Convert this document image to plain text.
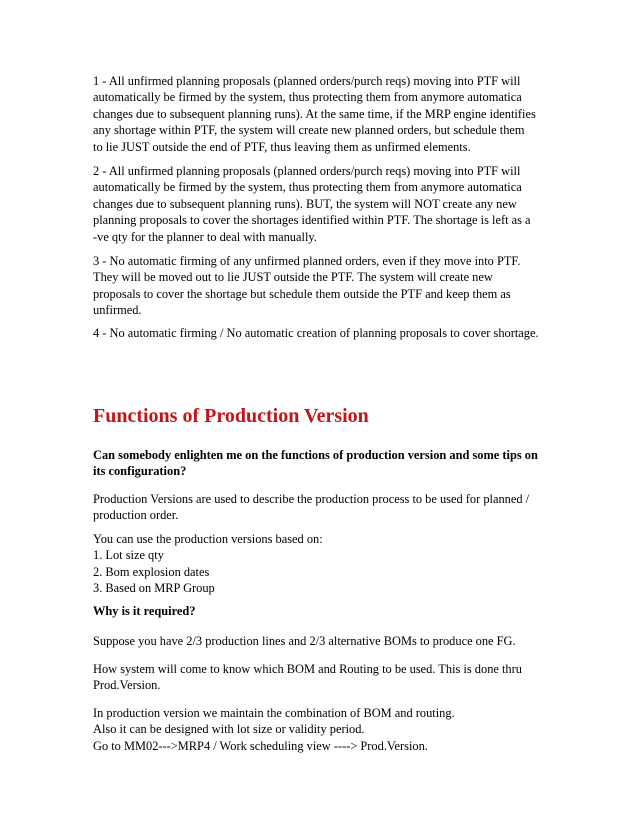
1 - All unfirmed planning proposals (planned orders/purch reqs) moving into PTF will
automatically be firmed by the system, thus protecting them from anymore automatica
changes due to subsequent planning runs). At the same time, if the MRP engine identifies
any shortage within PTF, the system will create new planned orders, but schedule them
to lie JUST outside the end of PTF, thus leaving them as unfirmed elements.

2 - All unfirmed planning proposals (planned orders/purch reqs) moving into PTF will
automatically be firmed by the system, thus protecting them from anymore automatica
changes due to subsequent planning runs). BUT, the system will NOT create any new
planning proposals to cover the shortages identified within PTF. The shortage is left as a
-ve qty for the planner to deal with manually.

3 - No automatic firming of any unfirmed planned orders, even if they move into PTF.
They will be moved out to lie JUST outside the PTF. The system will create new
proposals to cover the shortage but schedule them outside the PTF and keep them as
unfirmed.

4 - No automatic firming / No automatic creation of planning proposals to cover shortage.

Functions of Production Version

Can somebody enlighten me on the functions of production version and some tips on
its configuration?

Production Versions are used to describe the production process to be used for planned /
production order.

You can use the production versions based on:
1. Lot size qty
2. Bom explosion dates
3. Based on MRP Group

Why is it required?

Suppose you have 2/3 production lines and 2/3 alternative BOMs to produce one FG.

How system will come to know which BOM and Routing to be used. This is done thru
Prod.Version.

In production version we maintain the combination of BOM and routing.
Also it can be designed with lot size or validity period.
Go to MM02--->MRP4 / Work scheduling view ----> Prod.Version.
